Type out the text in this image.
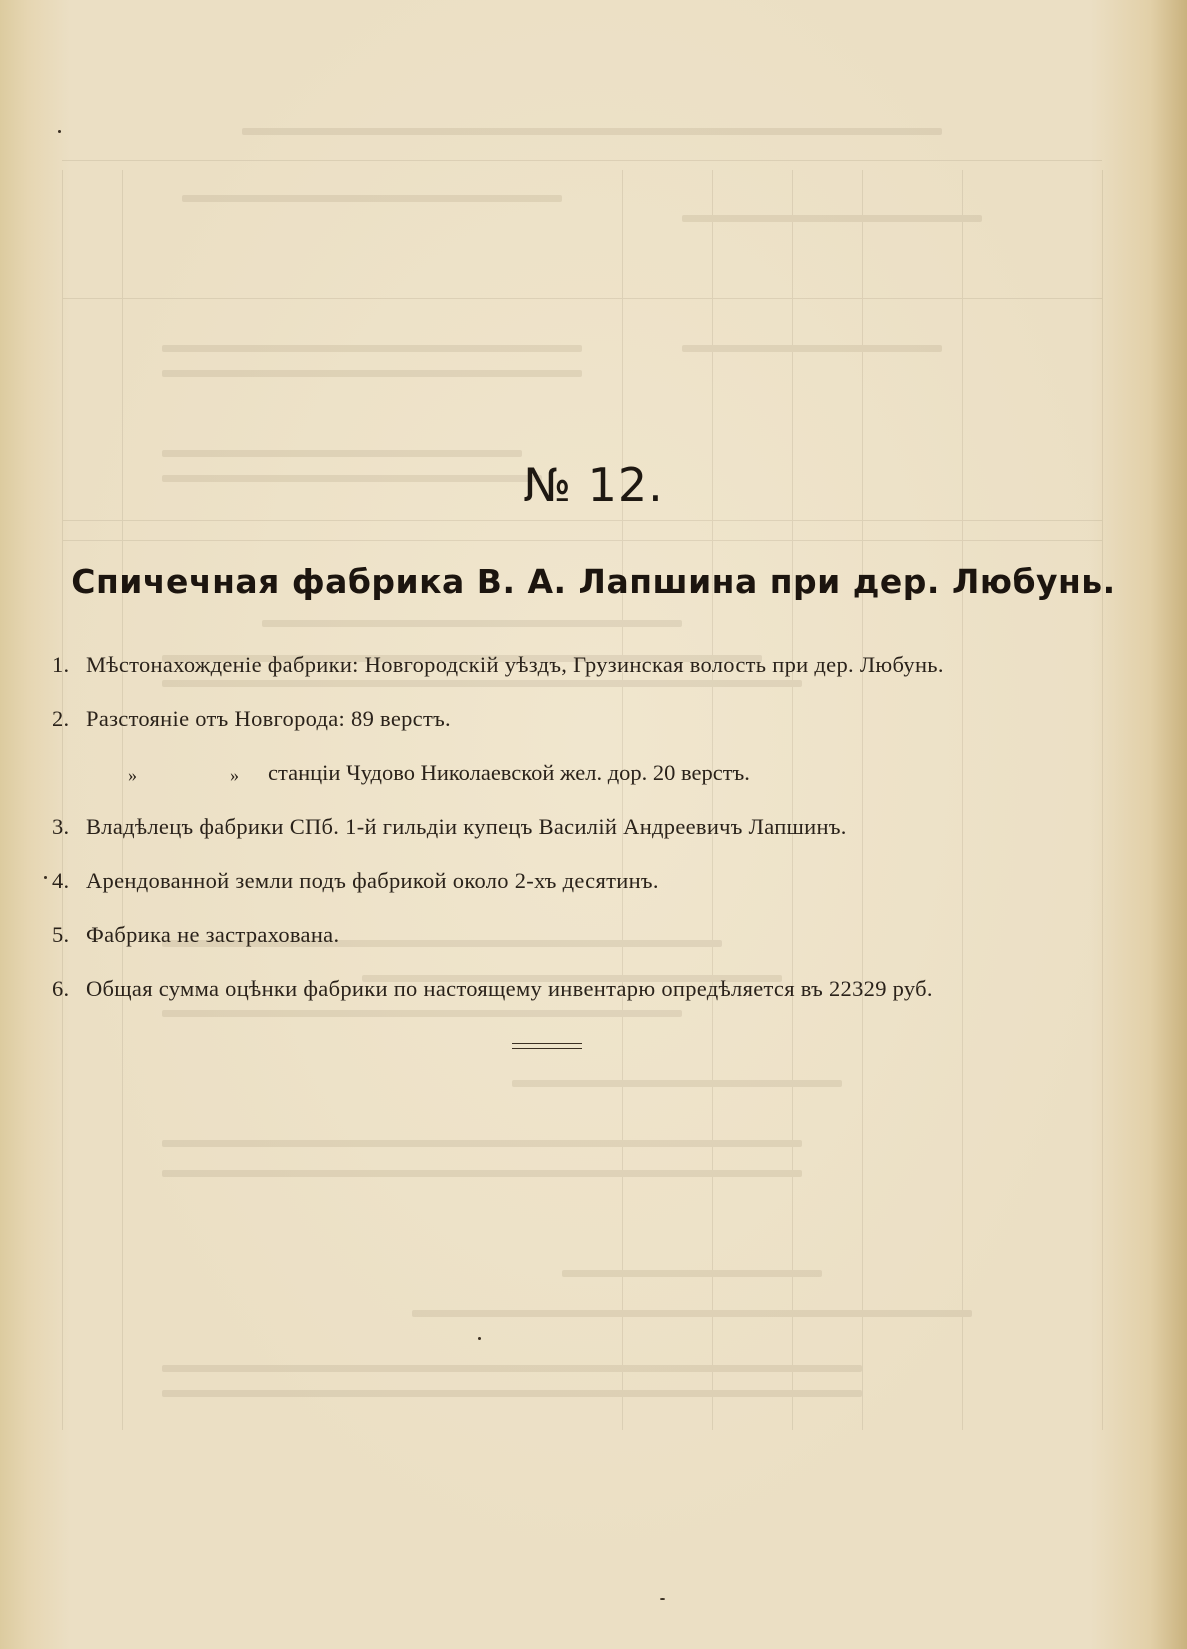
№ 12.
Спичечная фабрика В. А. Лапшина при дер. Любунь.
1. Мѣстонахожденіе фабрики: Новгородскій уѣздъ, Грузинская волость при дер. Любунь.
2. Разстояніе отъ Новгорода: 89 верстъ.
»	» станціи Чудово Николаевской жел. дор. 20 верстъ.
3. Владѣлецъ фабрики СПб. 1-й гильдіи купецъ Василій Андреевичъ Лапшинъ.
4. Арендованной земли подъ фабрикой около 2-хъ десятинъ.
5. Фабрика не застрахована.
6. Общая сумма оцѣнки фабрики по настоящему инвентарю опредѣляется въ 22329 руб.
